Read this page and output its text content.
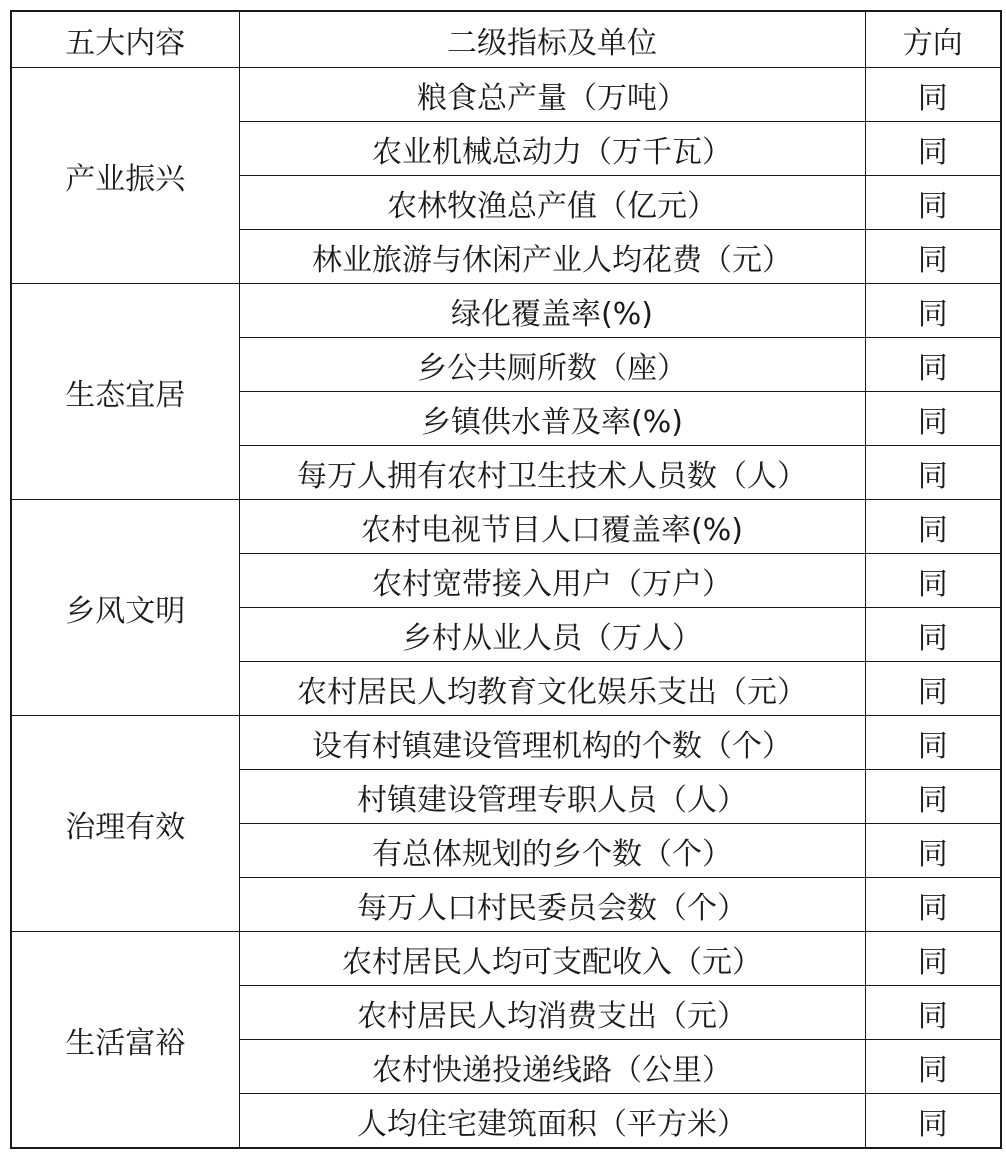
五大内容	二级指标及单位	方向
产业振兴	粮食总产量（万吨）	同
	农业机械总动力（万千瓦）	同
	农林牧渔总产值（亿元）	同
	林业旅游与休闲产业人均花费（元）	同
生态宜居	绿化覆盖率(%)	同
	乡公共厕所数（座）	同
	乡镇供水普及率(%)	同
	每万人拥有农村卫生技术人员数（人）	同
乡风文明	农村电视节目人口覆盖率(%)	同
	农村宽带接入用户（万户）	同
	乡村从业人员（万人）	同
	农村居民人均教育文化娱乐支出（元）	同
治理有效	设有村镇建设管理机构的个数（个）	同
	村镇建设管理专职人员（人）	同
	有总体规划的乡个数（个）	同
	每万人口村民委员会数（个）	同
生活富裕	农村居民人均可支配收入（元）	同
	农村居民人均消费支出（元）	同
	农村快递投递线路（公里）	同
	人均住宅建筑面积（平方米）	同
